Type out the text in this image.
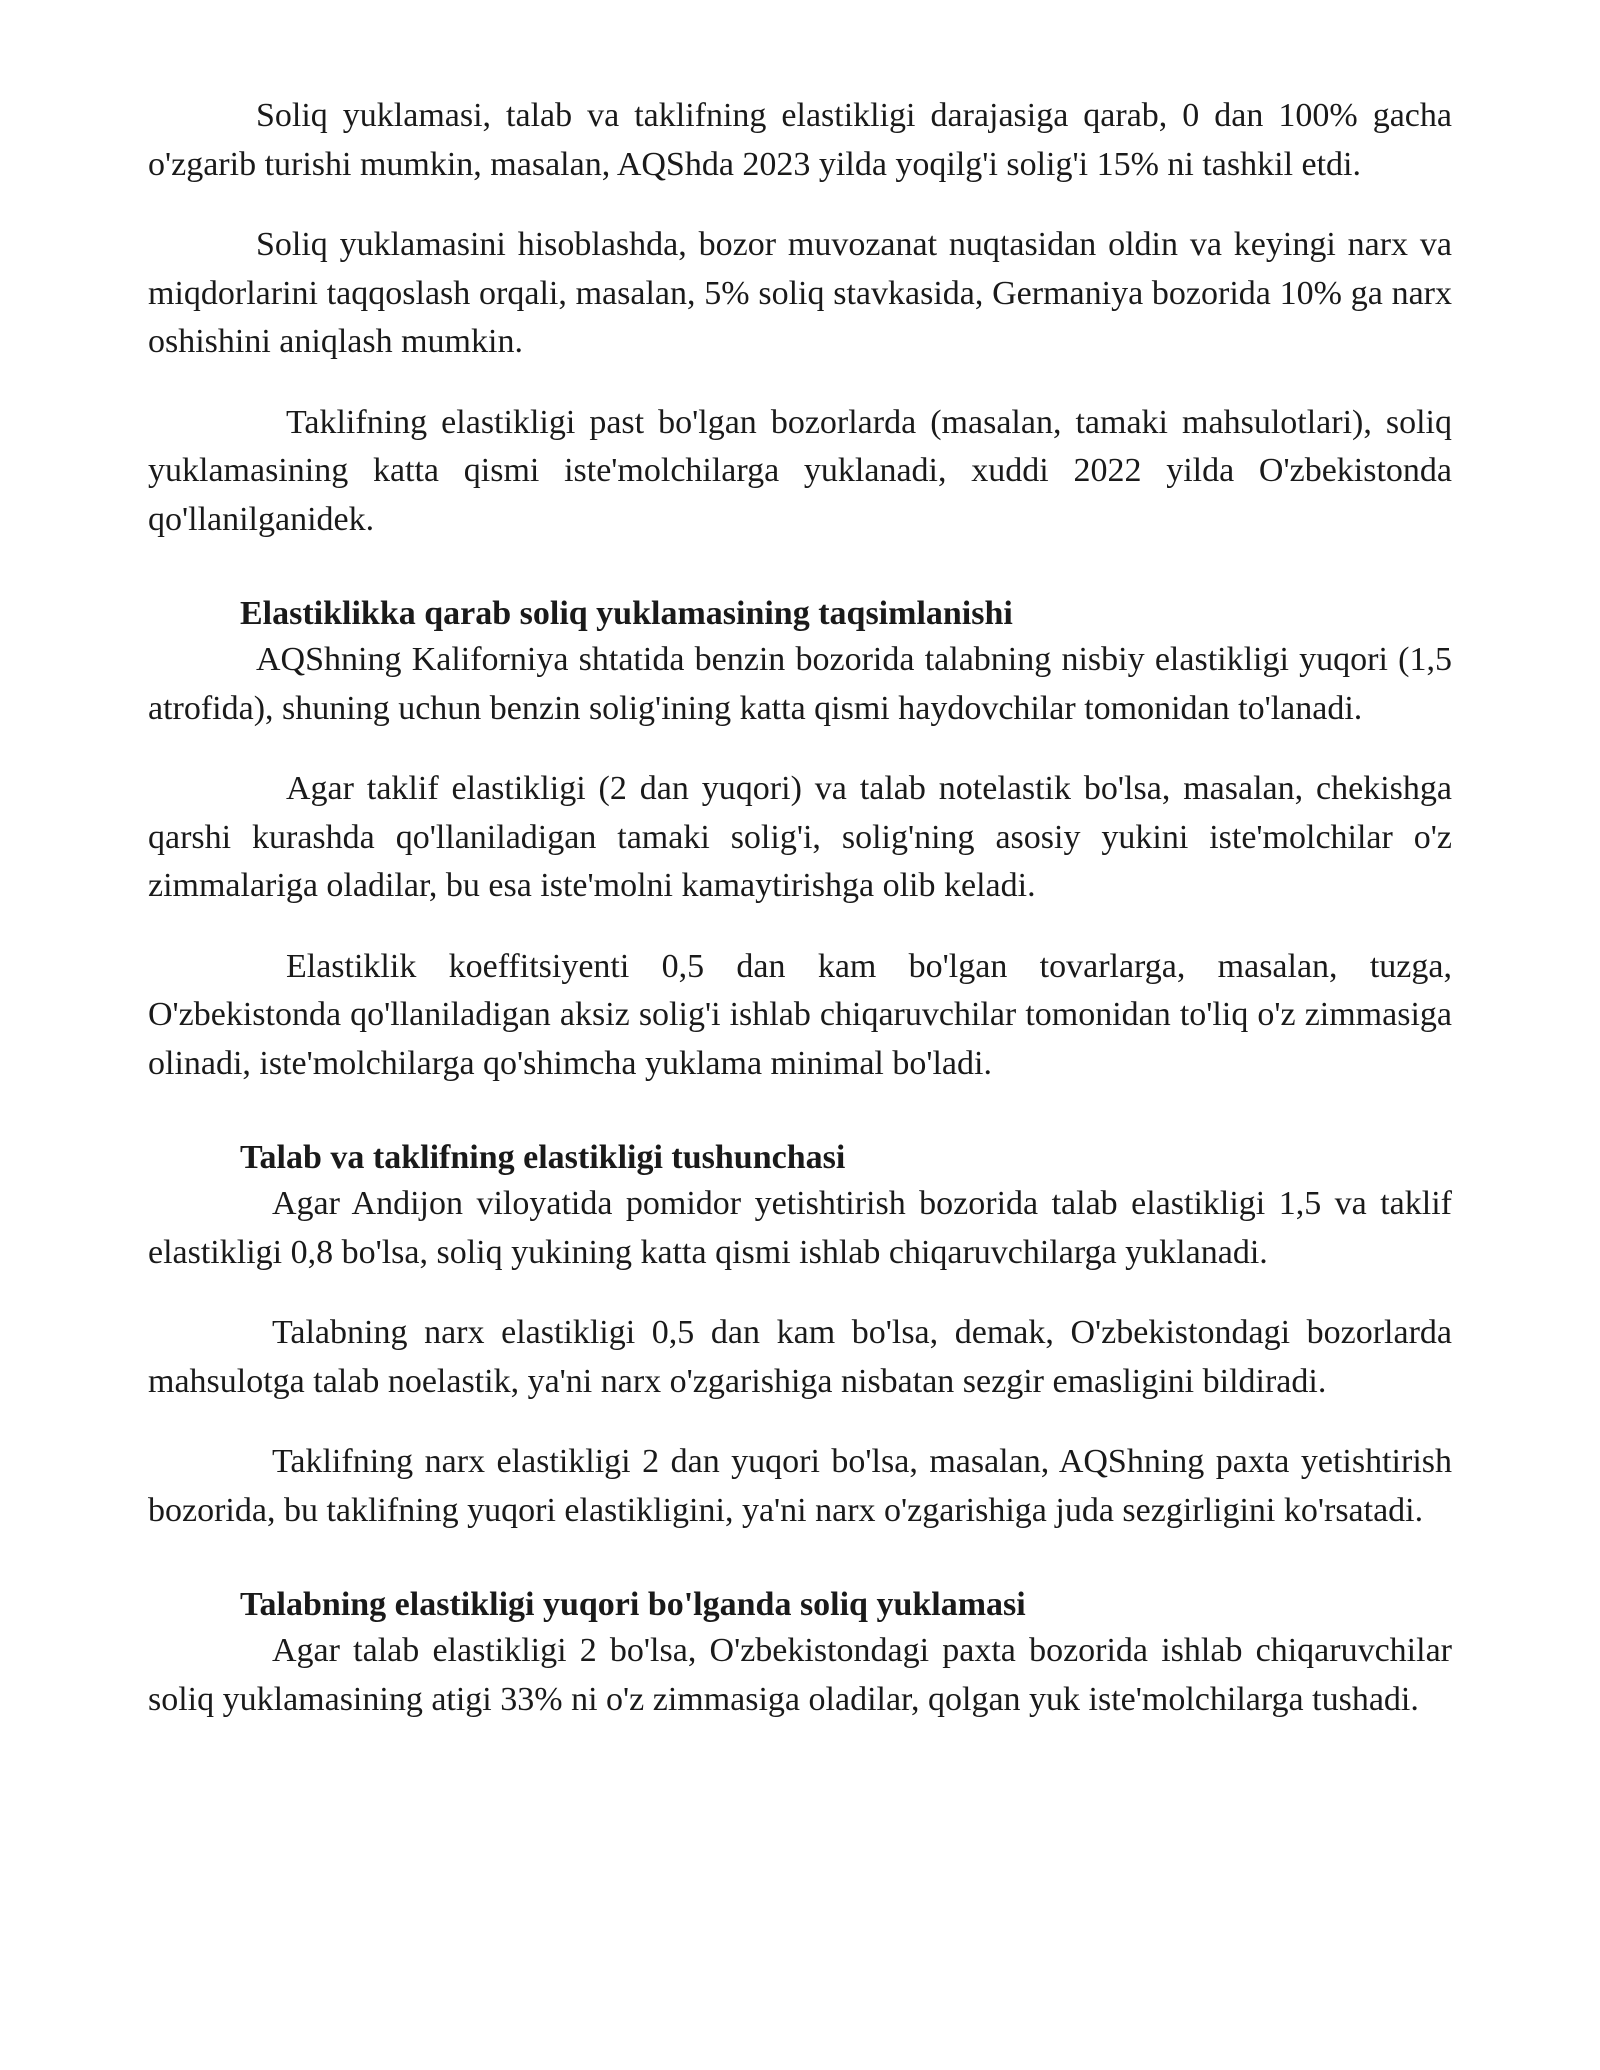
Soliq yuklamasi, talab va taklifning elastikligi darajasiga qarab, 0 dan 100% gacha o'zgarib turishi mumkin, masalan, AQShda 2023 yilda yoqilg'i solig'i 15% ni tashkil etdi.

Soliq yuklamasini hisoblashda, bozor muvozanat nuqtasidan oldin va keyingi narx va miqdorlarini taqqoslash orqali, masalan, 5% soliq stavkasida, Germaniya bozorida 10% ga narx oshishini aniqlash mumkin.

Taklifning elastikligi past bo'lgan bozorlarda (masalan, tamaki mahsulotlari), soliq yuklamasining katta qismi iste'molchilarga yuklanadi, xuddi 2022 yilda O'zbekistonda qo'llanilganidek.

Elastiklikka qarab soliq yuklamasining taqsimlanishi

AQShning Kaliforniya shtatida benzin bozorida talabning nisbiy elastikligi yuqori (1,5 atrofida), shuning uchun benzin solig'ining katta qismi haydovchilar tomonidan to'lanadi.

Agar taklif elastikligi (2 dan yuqori) va talab notelastik bo'lsa, masalan, chekishga qarshi kurashda qo'llaniladigan tamaki solig'i, solig'ning asosiy yukini iste'molchilar o'z zimmalariga oladilar, bu esa iste'molni kamaytirishga olib keladi.

Elastiklik koeffitsiyenti 0,5 dan kam bo'lgan tovarlarga, masalan, tuzga, O'zbekistonda qo'llaniladigan aksiz solig'i ishlab chiqaruvchilar tomonidan to'liq o'z zimmasiga olinadi, iste'molchilarga qo'shimcha yuklama minimal bo'ladi.

Talab va taklifning elastikligi tushunchasi

Agar Andijon viloyatida pomidor yetishtirish bozorida talab elastikligi 1,5 va taklif elastikligi 0,8 bo'lsa, soliq yukining katta qismi ishlab chiqaruvchilarga yuklanadi.

Talabning narx elastikligi 0,5 dan kam bo'lsa, demak, O'zbekistondagi bozorlarda mahsulotga talab noelastik, ya'ni narx o'zgarishiga nisbatan sezgir emasligini bildiradi.

Taklifning narx elastikligi 2 dan yuqori bo'lsa, masalan, AQShning paxta yetishtirish bozorida, bu taklifning yuqori elastikligini, ya'ni narx o'zgarishiga juda sezgirligini ko'rsatadi.

Talabning elastikligi yuqori bo'lganda soliq yuklamasi

Agar talab elastikligi 2 bo'lsa, O'zbekistondagi paxta bozorida ishlab chiqaruvchilar soliq yuklamasining atigi 33% ni o'z zimmasiga oladilar, qolgan yuk iste'molchilarga tushadi.
